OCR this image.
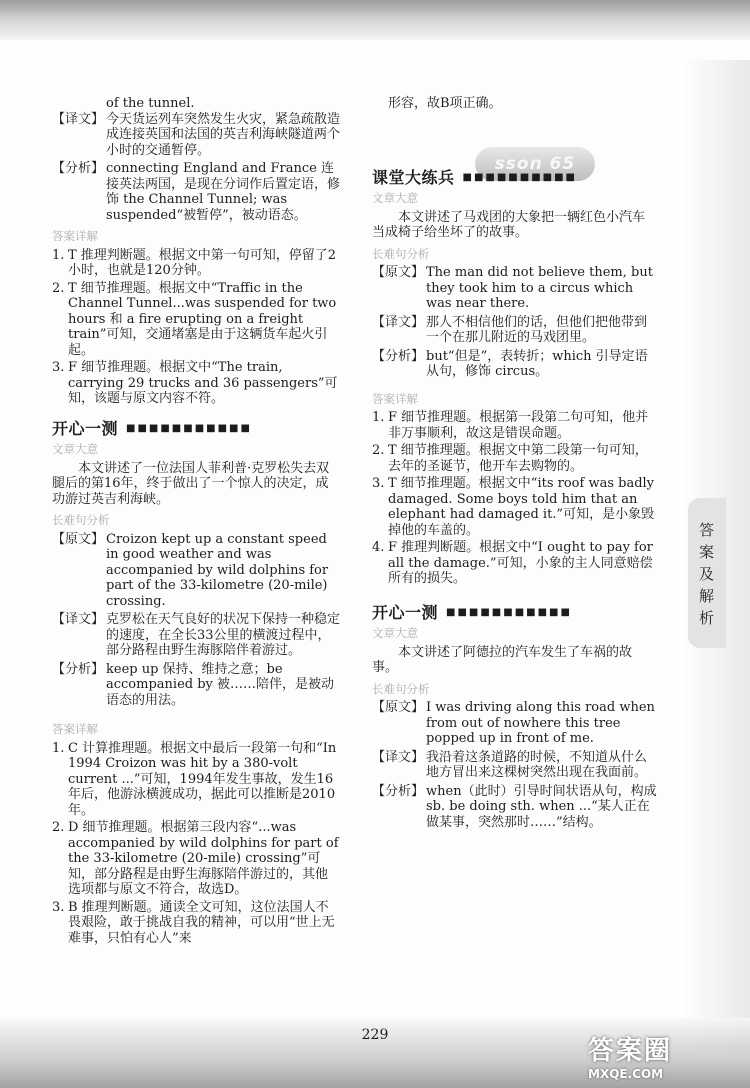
sson 65
答
案
及
解
析

of the tunnel.

【译文】 今天货运列车突然发生火灾，紧急疏散造成连接英国和法国的英吉利海峡隧道两个小时的交通暂停。
【分析】 connecting England and France 连接英法两国，是现在分词作后置定语，修饰 the Channel Tunnel; was suspended“被暂停”，被动语态。
答案详解
1. T 推理判断题。根据文中第一句可知，停留了2小时，也就是120分钟。
2. T 细节推理题。根据文中“Traffic in the Channel Tunnel...was suspended for two hours 和 a fire erupting on a freight train”可知，交通堵塞是由于这辆货车起火引起。
3. F 细节推理题。根据文中“The train, carrying 29 trucks and 36 passengers”可知，该题与原文内容不符。
开心一测 ■■■■■■■■■■■
文章大意

本文讲述了一位法国人菲利普·克罗松失去双腿后的第16年，终于做出了一个惊人的决定，成功游过英吉利海峡。

长难句分析
【原文】 Croizon kept up a constant speed in good weather and was accompanied by wild dolphins for part of the 33-kilometre (20-mile) crossing.
【译文】 克罗松在天气良好的状况下保持一种稳定的速度，在全长33公里的横渡过程中，部分路程由野生海豚陪伴着游过。
【分析】 keep up 保持、维持之意；be accompanied by 被……陪伴，是被动语态的用法。
答案详解
1. C 计算推理题。根据文中最后一段第一句和“In 1994 Croizon was hit by a 380-volt current ...”可知，1994年发生事故，发生16年后，他游泳横渡成功，据此可以推断是2010年。
2. D 细节推理题。根据第三段内容“...was accompanied by wild dolphins for part of the 33-kilometre (20-mile) crossing”可知，部分路程是由野生海豚陪伴游过的，其他选项都与原文不符合，故选D。
3. B 推理判断题。通读全文可知，这位法国人不畏艰险，敢于挑战自我的精神，可以用“世上无难事，只怕有心人”来

形容，故B项正确。

课堂大练兵 ■■■■■■■■■■
文章大意

本文讲述了马戏团的大象把一辆红色小汽车当成椅子给坐坏了的故事。

长难句分析
【原文】 The man did not believe them, but they took him to a circus which was near there.
【译文】 那人不相信他们的话，但他们把他带到一个在那儿附近的马戏团里。
【分析】 but“但是”，表转折；which 引导定语从句，修饰 circus。
答案详解
1. F 细节推理题。根据第一段第二句可知，他并非万事顺利，故这是错误命题。
2. T 细节推理题。根据文中第二段第一句可知，去年的圣诞节，他开车去购物的。
3. T 细节推理题。根据文中“its roof was badly damaged. Some boys told him that an elephant had damaged it.”可知，是小象毁掉他的车盖的。
4. F 推理判断题。根据文中“I ought to pay for all the damage.”可知，小象的主人同意赔偿所有的损失。
开心一测 ■■■■■■■■■■■
文章大意

本文讲述了阿德拉的汽车发生了车祸的故事。

长难句分析
【原文】 I was driving along this road when from out of nowhere this tree popped up in front of me.
【译文】 我沿着这条道路的时候，不知道从什么地方冒出来这棵树突然出现在我面前。
【分析】 when（此时）引导时间状语从句，构成 sb. be doing sth. when ...“某人正在做某事，突然那时……”结构。
229
答案圈
MXQE.COM
